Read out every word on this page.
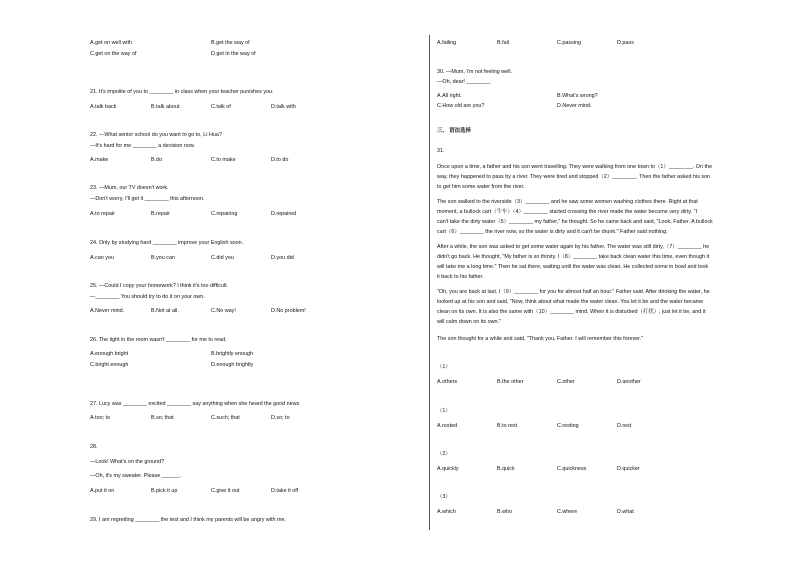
A.get on well with	B.get the way of
C.get on the way of	D.get in the way of
21. It's impolite of you to ________ in class when your teacher punishes you.
A.talk back	B.talk about	C.talk of	D.talk with
22. —What senior school do you want to go to, Li Hua?
—It's hard for me ________ a decision now.
A.make	B.do	C.to make	D.to do
23. —Mum, our TV doesn't work.
—Don't worry, I'll get it ________ this afternoon.
A.to repair	B.repair	C.repairing	D.repaired
24. Only by studying hard ________ improve your English soon.
A.can you	B.you can	C.did you	D.you did
25. —Could I copy your homework? I think it's too difficult.
—________ You should try to do it on your own.
A.Never mind.	B.Not at all.	C.No way!	D.No problem!
26. The light in the room wasn't ________ for me to read.
A.enough bright	B.brightly enough
C.bright enough	D.enough brightly
27. Lucy was ________ excited ________ say anything when she heard the good news.
A.too; to	B.so; that	C.such; that	D.so; to
28.
—Look! What's on the ground?
—Oh, it's my sweater. Please ______.
A.put it on	B.pick it up	C.give it out	D.take it off
29. I am regretting ________ the test and I think my parents will be angry with me.
A.failing	B.fail	C.passing	D.pass
30. —Mum, I'm not feeling well.
—Oh, dear! ________
A.All right.	B.What's wrong?
C.How old are you?	D.Never mind.
三、 语法选择
31.
Once upon a time, a father and his son went travelling. They were walking from one town to（1）________. On the
way, they happened to pass by a river. They were tired and stopped（2）________. Then the father asked his son
to get him some water from the river.
The son walked to the riverside（3）________ and he saw some women washing clothes there. Right at that
moment, a bullock cart（牛车）（4）________ started crossing the river made the water become very dirty. "I
can't take the dirty water（5）________ my father," he thought. So he came back and said, "Look, Father. A bullock
cart（6）________ the river now, so the water is dirty and it can't be drunk." Father said nothing.
After a while, the son was asked to get some water again by his father. The water was still dirty,（7）________ he
didn't go back. He thought, "My father is so thirsty. I（8）________ take back clean water this time, even though it
will take me a long time." Then he sat there, waiting until the water was clean. He collected some in bowl and took
it back to his father.
"Oh, you are back at last. I（9）________ for you for almost half an hour." Father said. After drinking the water, he
looked up at his son and said, "Now, think about what made the water clean. You let it be and the water became
clean on its own. It is also the same with（10）________ mind. When it is disturbed（打扰）, just let it be, and it
will calm down on its own."
The son thought for a while and said, "Thank you, Father. I will remember this forever."
（1）
A.others	B.the other	C.other	D.another
（1）
A.rested	B.to rest	C.resting	D.rest
（2）
A.quickly	B.quick	C.quickness	D.quicker
（3）
A.which	B.who	C.where	D.what
